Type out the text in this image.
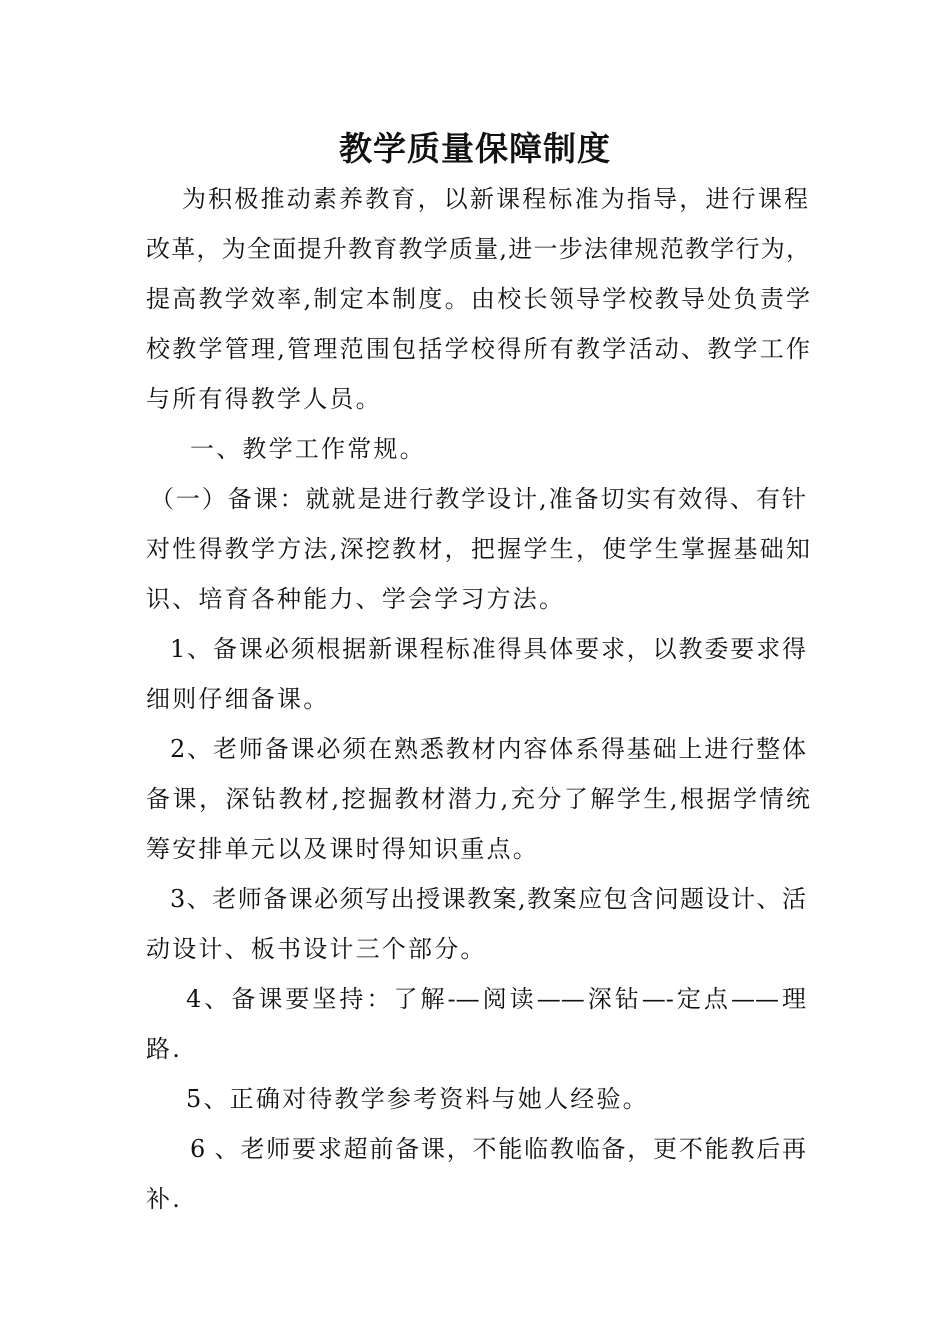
教学质量保障制度
为积极推动素养教育，以新课程标准为指导，进行课程
改革，为全面提升教育教学质量,进一步法律规范教学行为，
提高教学效率,制定本制度。由校长领导学校教导处负责学
校教学管理,管理范围包括学校得所有教学活动、教学工作
与所有得教学人员。
一、教学工作常规。
（一）备课：就就是进行教学设计,准备切实有效得、有针
对性得教学方法,深挖教材，把握学生，使学生掌握基础知
识、培育各种能力、学会学习方法。
1、备课必须根据新课程标准得具体要求，以教委要求得
细则仔细备课。
2、老师备课必须在熟悉教材内容体系得基础上进行整体
备课，深钻教材,挖掘教材潜力,充分了解学生,根据学情统
筹安排单元以及课时得知识重点。
3、老师备课必须写出授课教案,教案应包含问题设计、活
动设计、板书设计三个部分。
4、备课要坚持：了解-—阅读——深钻—-定点——理
路.
5、正确对待教学参考资料与她人经验。
6 、老师要求超前备课，不能临教临备，更不能教后再
补.
